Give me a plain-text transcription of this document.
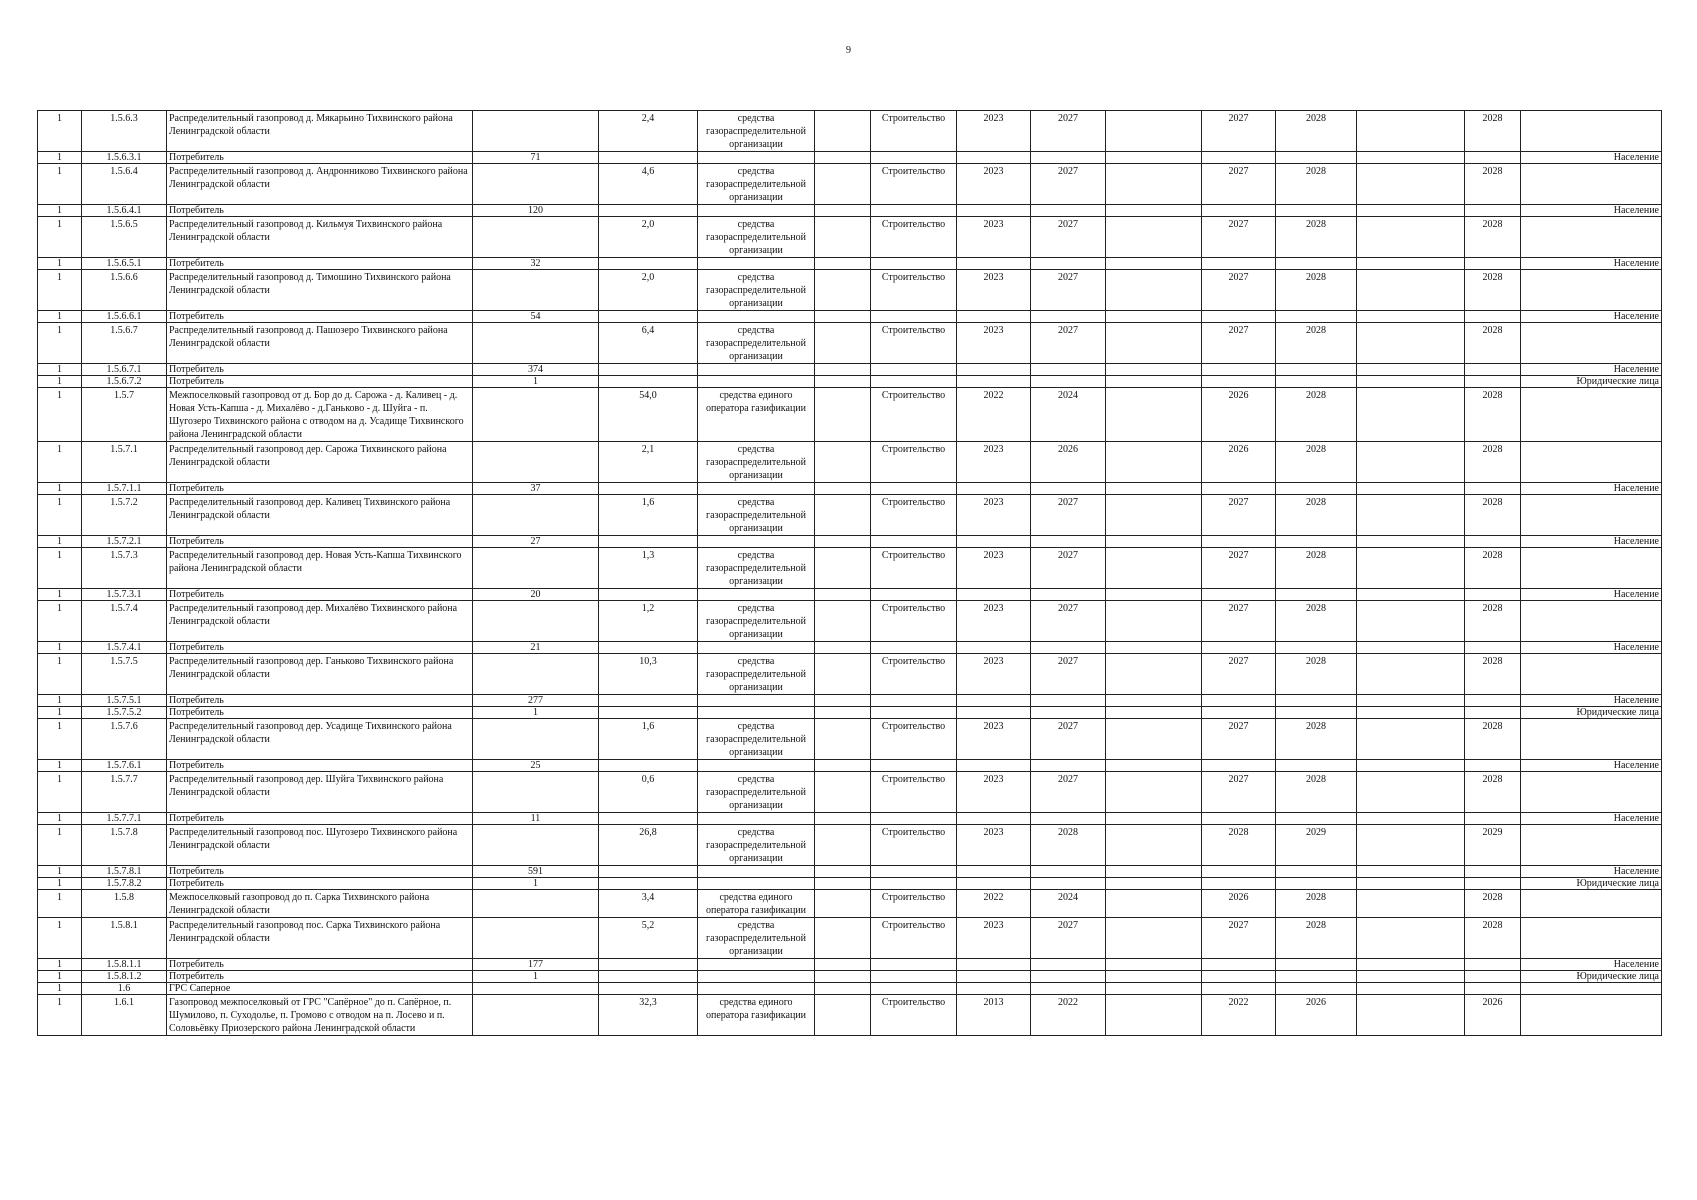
9
1	1.5.6.3	Распределительный газопровод д. Мякарьино Тихвинского района Ленинградской области		2,4	средства газораспределительной организации		Строительство	2023	2027		2027	2028		2028	
1	1.5.6.3.1	Потребитель	71												Население
1	1.5.6.4	Распределительный газопровод д. Андронниково Тихвинского района Ленинградской области		4,6	средства газораспределительной организации		Строительство	2023	2027		2027	2028		2028	
1	1.5.6.4.1	Потребитель	120												Население
1	1.5.6.5	Распределительный газопровод д. Кильмуя Тихвинского района Ленинградской области		2,0	средства газораспределительной организации		Строительство	2023	2027		2027	2028		2028	
1	1.5.6.5.1	Потребитель	32												Население
1	1.5.6.6	Распределительный газопровод д. Тимошино Тихвинского района Ленинградской области		2,0	средства газораспределительной организации		Строительство	2023	2027		2027	2028		2028	
1	1.5.6.6.1	Потребитель	54												Население
1	1.5.6.7	Распределительный газопровод д. Пашозеро Тихвинского района Ленинградской области		6,4	средства газораспределительной организации		Строительство	2023	2027		2027	2028		2028	
1	1.5.6.7.1	Потребитель	374												Население
1	1.5.6.7.2	Потребитель	1												Юридические лица
1	1.5.7	Межпоселковый газопровод от д. Бор до д. Сарожа - д. Каливец - д. Новая Усть-Капша - д. Михалёво - д.Ганьково - д. Шуйга - п. Шугозеро Тихвинского района с отводом на д. Усадище Тихвинского района Ленинградской области		54,0	средства единого оператора газификации		Строительство	2022	2024		2026	2028		2028	
1	1.5.7.1	Распределительный газопровод дер. Сарожа Тихвинского района Ленинградской области		2,1	средства газораспределительной организации		Строительство	2023	2026		2026	2028		2028	
1	1.5.7.1.1	Потребитель	37												Население
1	1.5.7.2	Распределительный газопровод дер. Каливец Тихвинского района Ленинградской области		1,6	средства газораспределительной организации		Строительство	2023	2027		2027	2028		2028	
1	1.5.7.2.1	Потребитель	27												Население
1	1.5.7.3	Распределительный газопровод дер. Новая Усть-Капша Тихвинского района Ленинградской области		1,3	средства газораспределительной организации		Строительство	2023	2027		2027	2028		2028	
1	1.5.7.3.1	Потребитель	20												Население
1	1.5.7.4	Распределительный газопровод дер. Михалёво Тихвинского района Ленинградской области		1,2	средства газораспределительной организации		Строительство	2023	2027		2027	2028		2028	
1	1.5.7.4.1	Потребитель	21												Население
1	1.5.7.5	Распределительный газопровод дер. Ганьково Тихвинского района Ленинградской области		10,3	средства газораспределительной организации		Строительство	2023	2027		2027	2028		2028	
1	1.5.7.5.1	Потребитель	277												Население
1	1.5.7.5.2	Потребитель	1												Юридические лица
1	1.5.7.6	Распределительный газопровод дер. Усадище Тихвинского района Ленинградской области		1,6	средства газораспределительной организации		Строительство	2023	2027		2027	2028		2028	
1	1.5.7.6.1	Потребитель	25												Население
1	1.5.7.7	Распределительный газопровод дер. Шуйга Тихвинского района Ленинградской области		0,6	средства газораспределительной организации		Строительство	2023	2027		2027	2028		2028	
1	1.5.7.7.1	Потребитель	11												Население
1	1.5.7.8	Распределительный газопровод пос. Шугозеро Тихвинского района Ленинградской области		26,8	средства газораспределительной организации		Строительство	2023	2028		2028	2029		2029	
1	1.5.7.8.1	Потребитель	591												Население
1	1.5.7.8.2	Потребитель	1												Юридические лица
1	1.5.8	Межпоселковый газопровод до п. Сарка Тихвинского района Ленинградской области		3,4	средства единого оператора газификации		Строительство	2022	2024		2026	2028		2028	
1	1.5.8.1	Распределительный газопровод пос. Сарка Тихвинского района Ленинградской области		5,2	средства газораспределительной организации		Строительство	2023	2027		2027	2028		2028	
1	1.5.8.1.1	Потребитель	177												Население
1	1.5.8.1.2	Потребитель	1												Юридические лица
1	1.6	ГРС Саперное													
1	1.6.1	Газопровод межпоселковый от ГРС "Сапёрное" до п. Сапёрное, п. Шумилово, п. Суходолье, п. Громово с отводом на п. Лосево и п. Соловьёвку Приозерского района Ленинградской области		32,3	средства единого оператора газификации		Строительство	2013	2022		2022	2026		2026	
